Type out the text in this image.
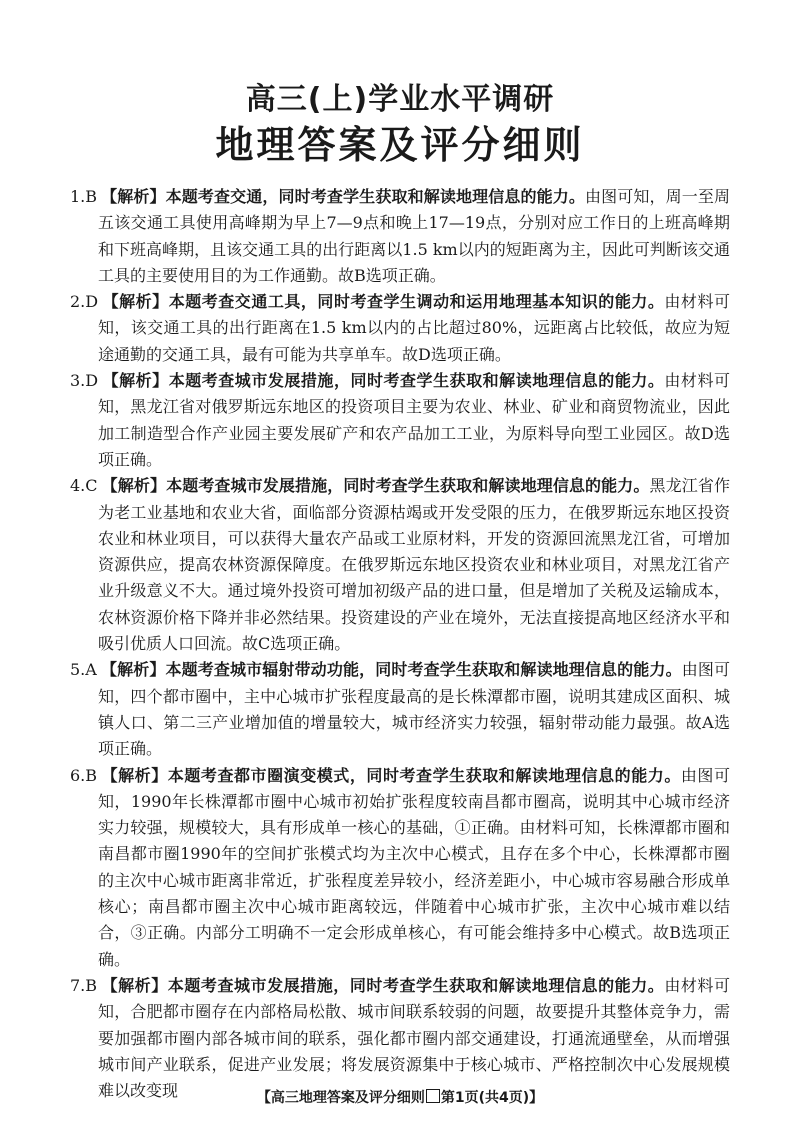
高三(上)学业水平调研
地理答案及评分细则

1.B 【解析】本题考查交通，同时考查学生获取和解读地理信息的能力。由图可知，周一至周五该交通工具使用高峰期为早上7—9点和晚上17—19点，分别对应工作日的上班高峰期和下班高峰期，且该交通工具的出行距离以1.5 km以内的短距离为主，因此可判断该交通工具的主要使用目的为工作通勤。故B选项正确。

2.D 【解析】本题考查交通工具，同时考查学生调动和运用地理基本知识的能力。由材料可知，该交通工具的出行距离在1.5 km以内的占比超过80%，远距离占比较低，故应为短途通勤的交通工具，最有可能为共享单车。故D选项正确。

3.D 【解析】本题考查城市发展措施，同时考查学生获取和解读地理信息的能力。由材料可知，黑龙江省对俄罗斯远东地区的投资项目主要为农业、林业、矿业和商贸物流业，因此加工制造型合作产业园主要发展矿产和农产品加工工业，为原料导向型工业园区。故D选项正确。

4.C 【解析】本题考查城市发展措施，同时考查学生获取和解读地理信息的能力。黑龙江省作为老工业基地和农业大省，面临部分资源枯竭或开发受限的压力，在俄罗斯远东地区投资农业和林业项目，可以获得大量农产品或工业原材料，开发的资源回流黑龙江省，可增加资源供应，提高农林资源保障度。在俄罗斯远东地区投资农业和林业项目，对黑龙江省产业升级意义不大。通过境外投资可增加初级产品的进口量，但是增加了关税及运输成本，农林资源价格下降并非必然结果。投资建设的产业在境外，无法直接提高地区经济水平和吸引优质人口回流。故C选项正确。

5.A 【解析】本题考查城市辐射带动功能，同时考查学生获取和解读地理信息的能力。由图可知，四个都市圈中，主中心城市扩张程度最高的是长株潭都市圈，说明其建成区面积、城镇人口、第二三产业增加值的增量较大，城市经济实力较强，辐射带动能力最强。故A选项正确。

6.B 【解析】本题考查都市圈演变模式，同时考查学生获取和解读地理信息的能力。由图可知，1990年长株潭都市圈中心城市初始扩张程度较南昌都市圈高，说明其中心城市经济实力较强，规模较大，具有形成单一核心的基础，①正确。由材料可知，长株潭都市圈和南昌都市圈1990年的空间扩张模式均为主次中心模式，且存在多个中心，长株潭都市圈的主次中心城市距离非常近，扩张程度差异较小，经济差距小，中心城市容易融合形成单核心；南昌都市圈主次中心城市距离较远，伴随着中心城市扩张，主次中心城市难以结合，③正确。内部分工明确不一定会形成单核心，有可能会维持多中心模式。故B选项正确。

7.B 【解析】本题考查城市发展措施，同时考查学生获取和解读地理信息的能力。由材料可知，合肥都市圈存在内部格局松散、城市间联系较弱的问题，故要提升其整体竞争力，需要加强都市圈内部各城市间的联系，强化都市圈内部交通建设，打通流通壁垒，从而增强城市间产业联系，促进产业发展；将发展资源集中于核心城市、严格控制次中心发展规模难以改变现	【高三地理答案及评分细则 第1页(共4页)】
